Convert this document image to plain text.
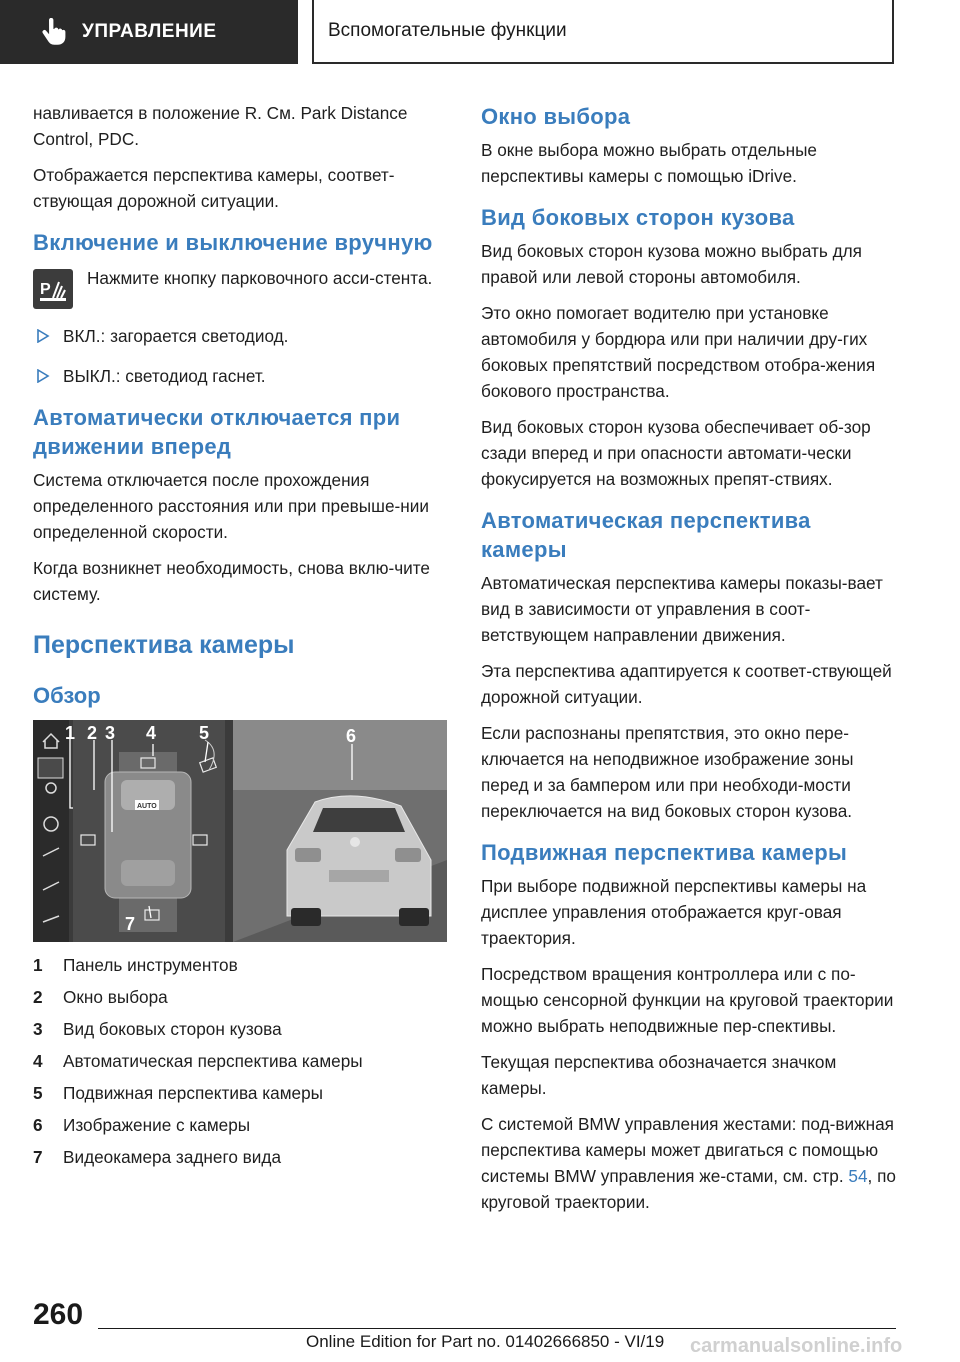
УПРАВЛЕНИЕ	Вспомогательные функции

навливается в положение R. См. Park Distance Control, PDC.

Отображается перспектива камеры, соответ-ствующая дорожной ситуации.

Включение и выключение вручную
P

Нажмите кнопку парковочного асси-стента.

ВКЛ.: загорается светодиод.

ВЫКЛ.: светодиод гаснет.

Автоматически отключается при движении вперед

Система отключается после прохождения определенного расстояния или при превыше-нии определенной скорости.

Когда возникнет необходимость, снова вклю-чите систему.

Перспектива камеры
Обзор
AUTO
1 2 3 4 5	6
7
1	Панель инструментов
2	Окно выбора
3	Вид боковых сторон кузова
4	Автоматическая перспектива камеры
5	Подвижная перспектива камеры
6	Изображение с камеры
7	Видеокамера заднего вида
Окно выбора

В окне выбора можно выбрать отдельные перспективы камеры с помощью iDrive.

Вид боковых сторон кузова

Вид боковых сторон кузова можно выбрать для правой или левой стороны автомобиля.

Это окно помогает водителю при установке автомобиля у бордюра или при наличии дру-гих боковых препятствий посредством отобра-жения бокового пространства.

Вид боковых сторон кузова обеспечивает об-зор сзади вперед и при опасности автомати-чески фокусируется на возможных препят-ствиях.

Автоматическая перспектива камеры

Автоматическая перспектива камеры показы-вает вид в зависимости от управления в соот-ветствующем направлении движения.

Эта перспектива адаптируется к соответ-ствующей дорожной ситуации.

Если распознаны препятствия, это окно пере-ключается на неподвижное изображение зоны перед и за бампером или при необходи-мости переключается на вид боковых сторон кузова.

Подвижная перспектива камеры

При выборе подвижной перспективы камеры на дисплее управления отображается круг-овая траектория.

Посредством вращения контроллера или с по-мощью сенсорной функции на круговой траектории можно выбрать неподвижные пер-спективы.

Текущая перспектива обозначается значком камеры.

С системой BMW управления жестами: под-вижная перспектива камеры может двигаться с помощью системы BMW управления же-стами, см. стр. 54, по круговой траектории.

260
Online Edition for Part no. 01402666850 - VI/19 carmanualsonline.info
